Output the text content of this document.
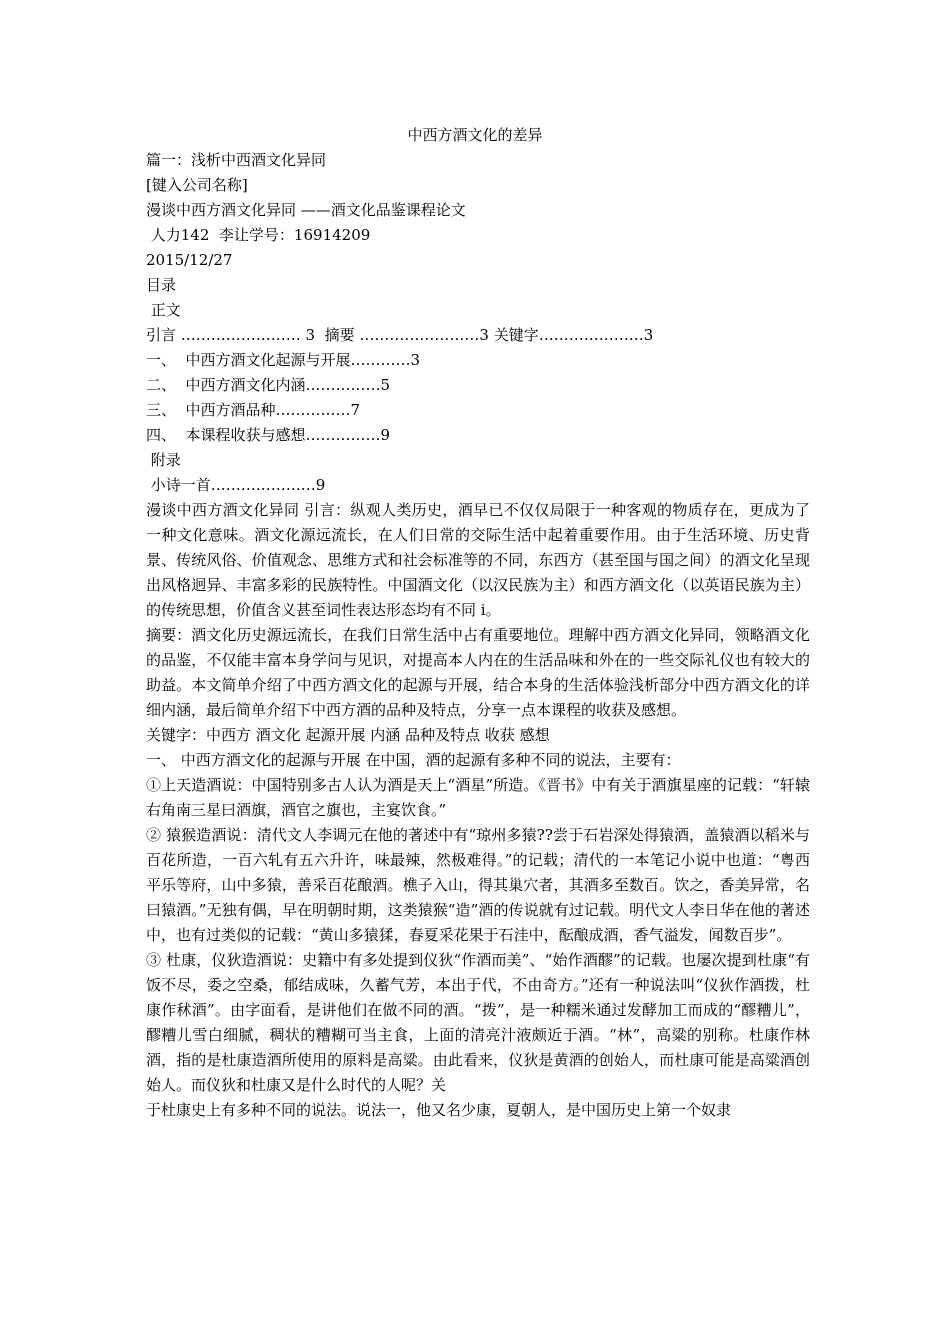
中西方酒文化的差异
篇一：浅析中西酒文化异同
[键入公司名称]
漫谈中西方酒文化异同 ——酒文化品鉴课程论文
人力142  李让学号：16914209
2015/12/27
目录
正文
引言 …………………… 3  摘要 ……………………3 关键字…………………3
一、  中西方酒文化起源与开展…………3
二、  中西方酒文化内涵……………5
三、  中西方酒品种……………7
四、  本课程收获与感想……………9
附录
小诗一首…………………9
漫谈中西方酒文化异同 引言：纵观人类历史，酒早已不仅仅局限于一种客观的物质存在，更成为了一种文化意味。酒文化源远流长，在人们日常的交际生活中起着重要作用。由于生活环境、历史背景、传统风俗、价值观念、思维方式和社会标准等的不同，东西方（甚至国与国之间）的酒文化呈现出风格迥异、丰富多彩的民族特性。中国酒文化（以汉民族为主）和西方酒文化（以英语民族为主）的传统思想，价值含义甚至词性表达形态均有不同 i。
摘要：酒文化历史源远流长，在我们日常生活中占有重要地位。理解中西方酒文化异同，领略酒文化的品鉴，不仅能丰富本身学问与见识，对提高本人内在的生活品味和外在的一些交际礼仪也有较大的助益。本文简单介绍了中西方酒文化的起源与开展，结合本身的生活体验浅析部分中西方酒文化的详细内涵，最后简单介绍下中西方酒的品种及特点，分享一点本课程的收获及感想。
关键字：中西方 酒文化 起源开展 内涵 品种及特点 收获 感想
一、 中西方酒文化的起源与开展 在中国，酒的起源有多种不同的说法，主要有：
①上天造酒说：中国特别多古人认为酒是天上“酒星”所造。《晋书》中有关于酒旗星座的记载：“轩辕右角南三星曰酒旗，酒官之旗也，主宴饮食。”
② 猿猴造酒说：清代文人李调元在他的著述中有“琼州多猿??尝于石岩深处得猿酒，盖猿酒以稻米与百花所造，一百六轧有五六升许，味最辣，然极难得。”的记载；清代的一本笔记小说中也道：“粤西平乐等府，山中多猿，善采百花酿酒。樵子入山，得其巢穴者，其酒多至数百。饮之，香美异常，名曰猿酒。”无独有偶，早在明朝时期，这类猿猴“造”酒的传说就有过记载。明代文人李日华在他的著述中，也有过类似的记载：“黄山多猿猱，春夏采花果于石洼中，酝酿成酒，香气溢发，闻数百步”。
③ 杜康，仪狄造酒说：史籍中有多处提到仪狄“作酒而美”、“始作酒醪”的记载。也屡次提到杜康“有饭不尽，委之空桑，郁结成味，久蓄气芳，本出于代，不由奇方。”还有一种说法叫“仪狄作酒拨，杜康作秫酒”。由字面看，是讲他们在做不同的酒。“拨”，是一种糯米通过发酵加工而成的“醪糟儿”，醪糟儿雪白细腻，稠状的糟糊可当主食，上面的清亮汁液颇近于酒。“林”，高粱的别称。杜康作林酒，指的是杜康造酒所使用的原料是高粱。由此看来，仪狄是黄酒的创始人，而杜康可能是高粱酒创始人。而仪狄和杜康又是什么时代的人呢？关
于杜康史上有多种不同的说法。说法一，他又名少康，夏朝人，是中国历史上第一个奴隶
